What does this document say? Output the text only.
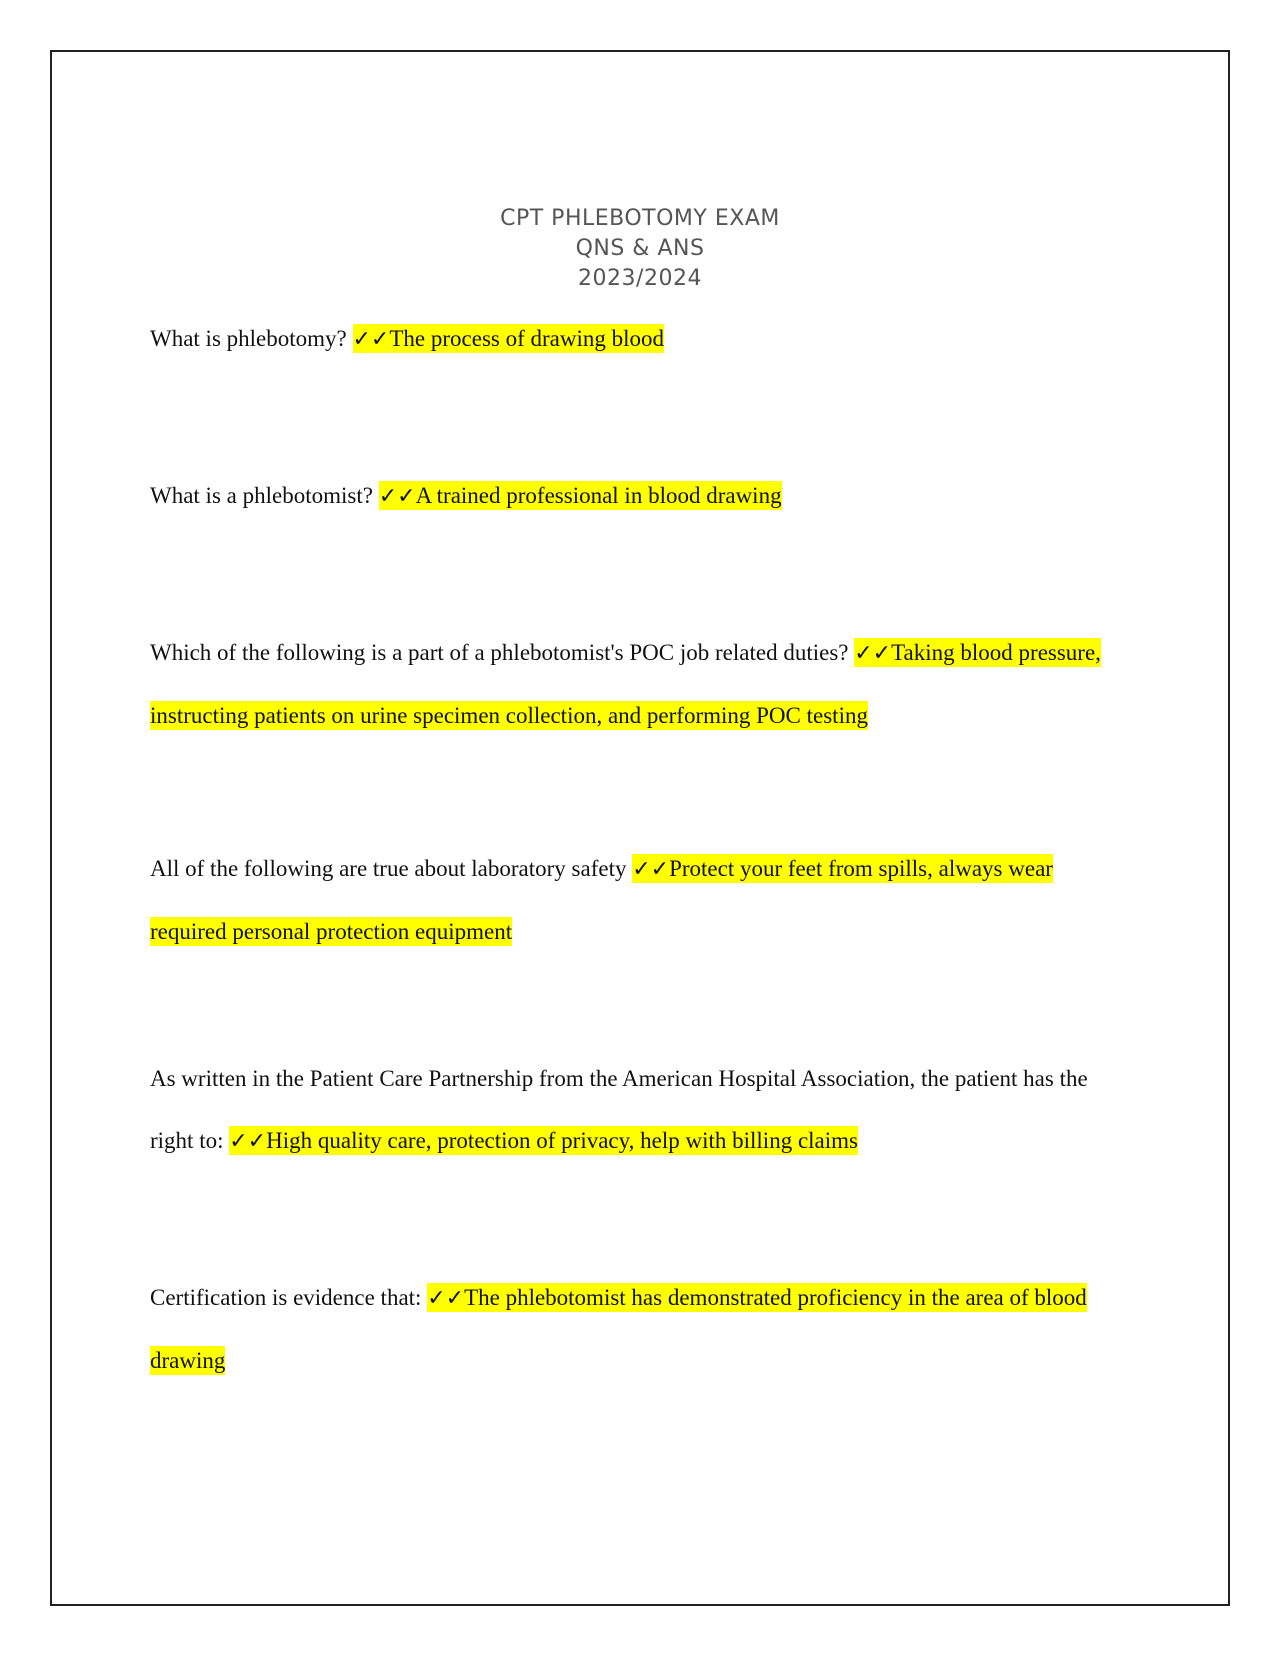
CPT PHLEBOTOMY EXAM
QNS & ANS
2023/2024
What is phlebotomy? ✓✓The process of drawing blood
What is a phlebotomist? ✓✓A trained professional in blood drawing
Which of the following is a part of a phlebotomist's POC job related duties? ✓✓Taking blood pressure, instructing patients on urine specimen collection, and performing POC testing
All of the following are true about laboratory safety ✓✓Protect your feet from spills, always wear required personal protection equipment
As written in the Patient Care Partnership from the American Hospital Association, the patient has the right to: ✓✓High quality care, protection of privacy, help with billing claims
Certification is evidence that: ✓✓The phlebotomist has demonstrated proficiency in the area of blood drawing
